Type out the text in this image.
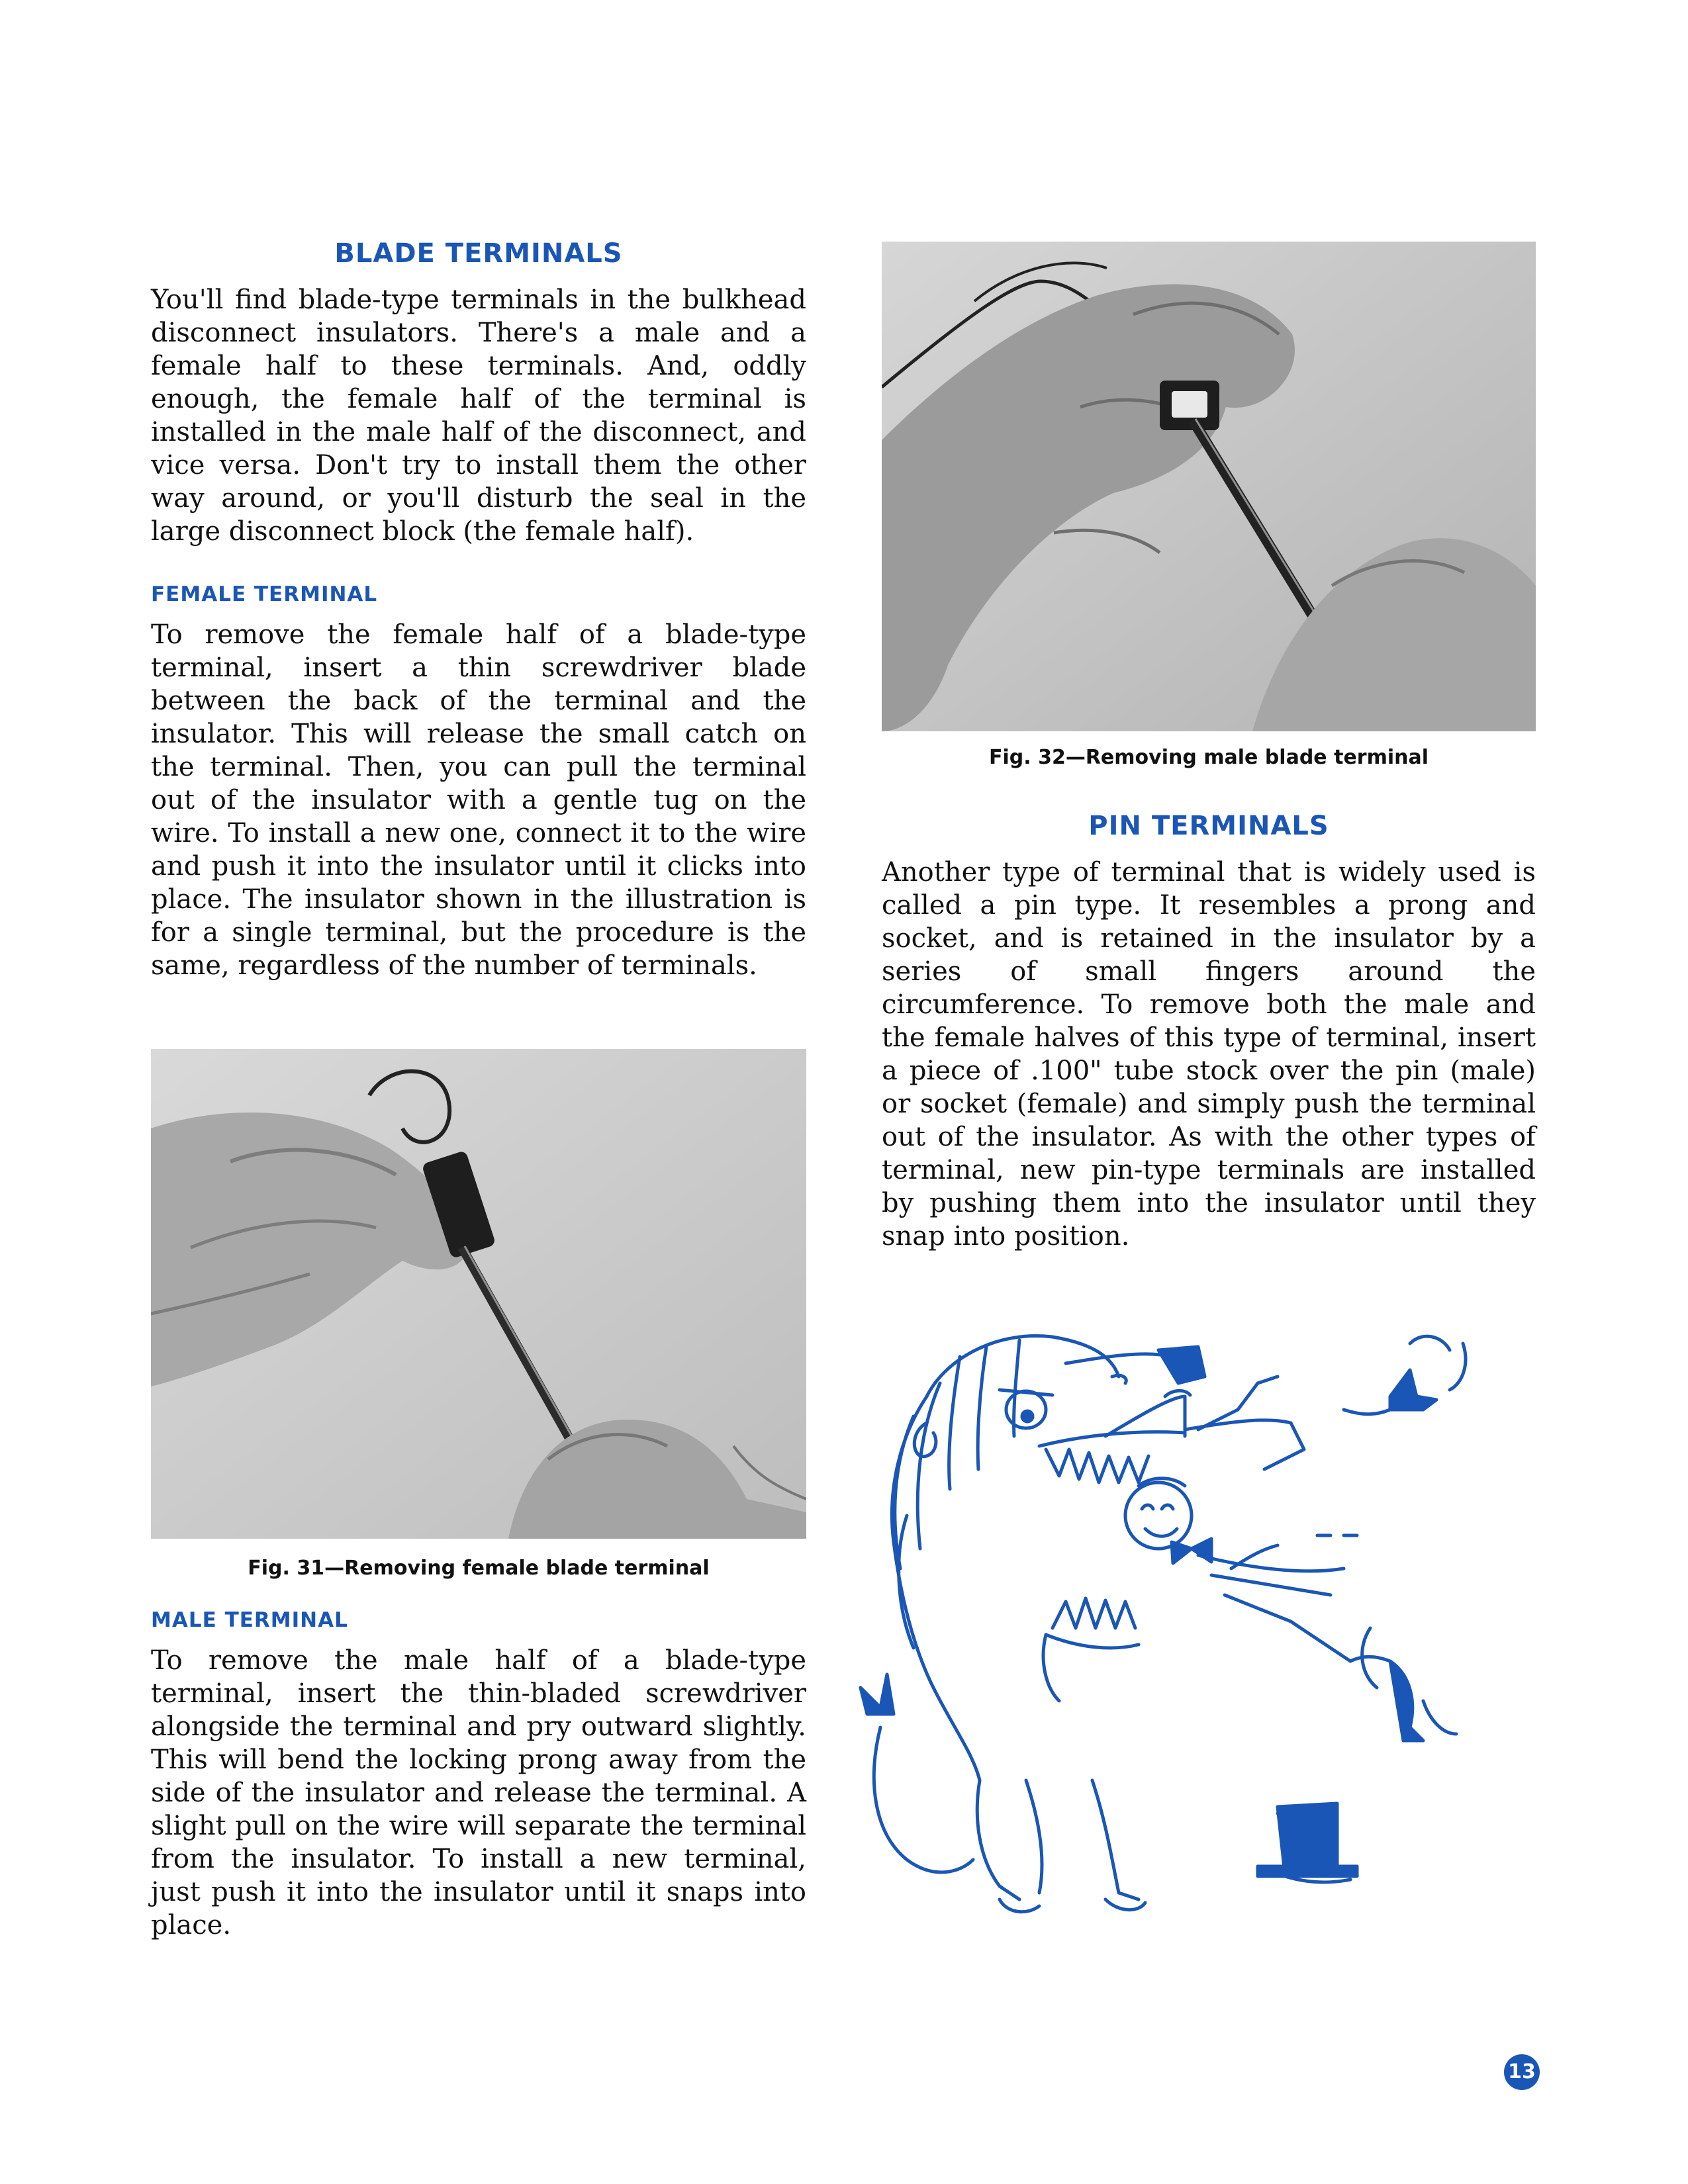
BLADE TERMINALS

You'll find blade-type terminals in the bulkhead disconnect insulators. There's a male and a female half to these terminals. And, oddly enough, the female half of the terminal is installed in the male half of the disconnect, and vice versa. Don't try to install them the other way around, or you'll disturb the seal in the large disconnect block (the female half).

FEMALE TERMINAL

To remove the female half of a blade-type terminal, insert a thin screwdriver blade between the back of the terminal and the insulator. This will release the small catch on the terminal. Then, you can pull the terminal out of the insulator with a gentle tug on the wire. To install a new one, connect it to the wire and push it into the insulator until it clicks into place. The insulator shown in the illustration is for a single terminal, but the procedure is the same, regardless of the number of terminals.

Fig. 31—Removing female blade terminal

MALE TERMINAL

To remove the male half of a blade-type terminal, insert the thin-bladed screwdriver alongside the terminal and pry outward slightly. This will bend the locking prong away from the side of the insulator and release the terminal. A slight pull on the wire will separate the terminal from the insulator. To install a new terminal, just push it into the insulator until it snaps into place.

Fig. 32—Removing male blade terminal

PIN TERMINALS

Another type of terminal that is widely used is called a pin type. It resembles a prong and socket, and is retained in the insulator by a series of small fingers around the circumference. To remove both the male and the female halves of this type of terminal, insert a piece of .100" tube stock over the pin (male) or socket (female) and simply push the terminal out of the insulator. As with the other types of terminal, new pin-type terminals are installed by pushing them into the insulator until they snap into position.

13
